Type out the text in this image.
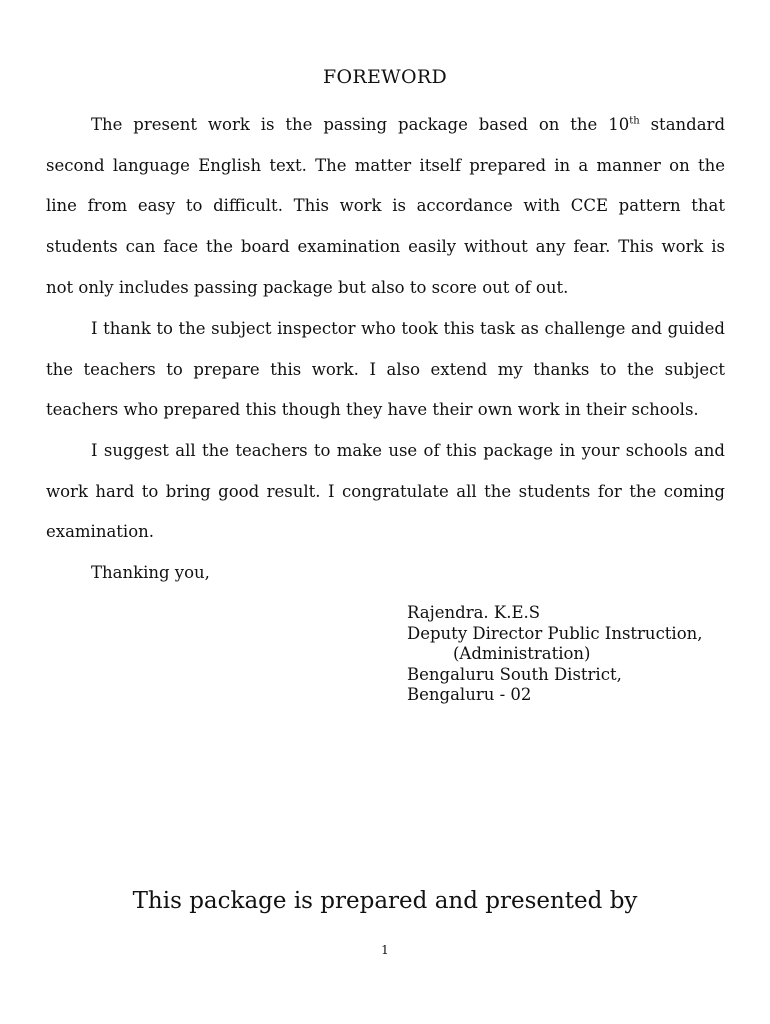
FOREWORD

The present work is the passing package based on the 10th standard second language English text. The matter itself prepared in a manner on the line from easy to difficult. This work is accordance with CCE pattern that students can face the board examination easily without any fear. This work is not only includes passing package but also to score out of out.

I thank to the subject inspector who took this task as challenge and guided the teachers to prepare this work. I also extend my thanks to the subject teachers who prepared this though they have their own work in their schools.

I suggest all the teachers to make use of this package in your schools and work hard to bring good result. I congratulate all the students for the coming examination.

Thanking you,
Rajendra. K.E.S
Deputy Director Public Instruction,
(Administration)
Bengaluru South District,
Bengaluru - 02
This package is prepared and presented by
1
